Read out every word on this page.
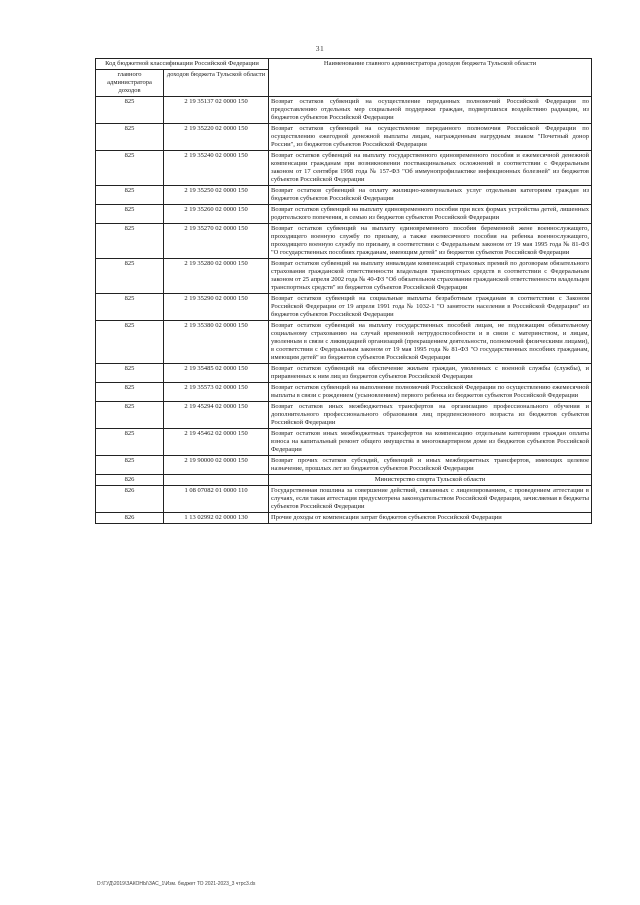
31
Код бюджетной классификации Российской Федерации		Наименование главного администратора доходов бюджета Тульской области
главного администратора доходов	доходов бюджета Тульской области	
825	2 19 35137 02 0000 150	Возврат остатков субвенций на осуществление переданных полномочий Российской Федерации по предоставлению отдельных мер социальной поддержки граждан, подвергшихся воздействию радиации, из бюджетов субъектов Российской Федерации
825	2 19 35220 02 0000 150	Возврат остатков субвенций на осуществление переданного полномочия Российской Федерации по осуществлению ежегодной денежной выплаты лицам, награжденным нагрудным знаком "Почетный донор России", из бюджетов субъектов Российской Федерации
825	2 19 35240 02 0000 150	Возврат остатков субвенций на выплату государственного единовременного пособия и ежемесячной денежной компенсации гражданам при возникновении поствакцинальных осложнений в соответствии с Федеральным законом от 17 сентября 1998 года № 157-ФЗ "Об иммунопрофилактике инфекционных болезней" из бюджетов субъектов Российской Федерации
825	2 19 35250 02 0000 150	Возврат остатков субвенций на оплату жилищно-коммунальных услуг отдельным категориям граждан из бюджетов субъектов Российской Федерации
825	2 19 35260 02 0000 150	Возврат остатков субвенций на выплату единовременного пособия при всех формах устройства детей, лишенных родительского попечения, в семью из бюджетов субъектов Российской Федерации
825	2 19 35270 02 0000 150	Возврат остатков субвенций на выплату единовременного пособия беременной жене военнослужащего, проходящего военную службу по призыву, а также ежемесячного пособия на ребенка военнослужащего, проходящего военную службу по призыву, в соответствии с Федеральным законом от 19 мая 1995 года № 81-ФЗ "О государственных пособиях гражданам, имеющим детей" из бюджетов субъектов Российской Федерации
825	2 19 35280 02 0000 150	Возврат остатков субвенций на выплату инвалидам компенсаций страховых премий по договорам обязательного страхования гражданской ответственности владельцев транспортных средств в соответствии с Федеральным законом от 25 апреля 2002 года № 40-ФЗ "Об обязательном страховании гражданской ответственности владельцев транспортных средств" из бюджетов субъектов Российской Федерации
825	2 19 35290 02 0000 150	Возврат остатков субвенций на социальные выплаты безработным гражданам в соответствии с Законом Российской Федерации от 19 апреля 1991 года № 1032-1 "О занятости населения в Российской Федерации" из бюджетов субъектов Российской Федерации
825	2 19 35380 02 0000 150	Возврат остатков субвенций на выплату государственных пособий лицам, не подлежащим обязательному социальному страхованию на случай временной нетрудоспособности и в связи с материнством, и лицам, уволенным в связи с ликвидацией организаций (прекращением деятельности, полномочий физическими лицами), в соответствии с Федеральным законом от 19 мая 1995 года № 81-ФЗ "О государственных пособиях гражданам, имеющим детей" из бюджетов субъектов Российской Федерации
825	2 19 35485 02 0000 150	Возврат остатков субвенций на обеспечение жильем граждан, уволенных с военной службы (службы), и приравненных к ним лиц из бюджетов субъектов Российской Федерации
825	2 19 35573 02 0000 150	Возврат остатков субвенций на выполнение полномочий Российской Федерации по осуществлению ежемесячной выплаты в связи с рождением (усыновлением) первого ребенка из бюджетов субъектов Российской Федерации
825	2 19 45294 02 0000 150	Возврат остатков иных межбюджетных трансфертов на организацию профессионального обучения и дополнительного профессионального образования лиц предпенсионного возраста из бюджетов субъектов Российской Федерации
825	2 19 45462 02 0000 150	Возврат остатков иных межбюджетных трансфертов на компенсацию отдельным категориям граждан оплаты взноса на капитальный ремонт общего имущества в многоквартирном доме из бюджетов субъектов Российской Федерации
825	2 19 90000 02 0000 150	Возврат прочих остатков субсидий, субвенций и иных межбюджетных трансфертов, имеющих целевое назначение, прошлых лет из бюджетов субъектов Российской Федерации
826		Министерство спорта Тульской области
826	1 08 07082 01 0000 110	Государственная пошлина за совершение действий, связанных с лицензированием, с проведением аттестации в случаях, если такая аттестация предусмотрена законодательством Российской Федерации, зачисляемая в бюджеты субъектов Российской Федерации
826	1 13 02992 02 0000 130	Прочие доходы от компенсации затрат бюджетов субъектов Российской Федерации
D:\ГУД\2019\ЗАКОНЫ\ЗАС_1\Изм. бюджет ТО 2021-2023_3 чтрс3.ds
